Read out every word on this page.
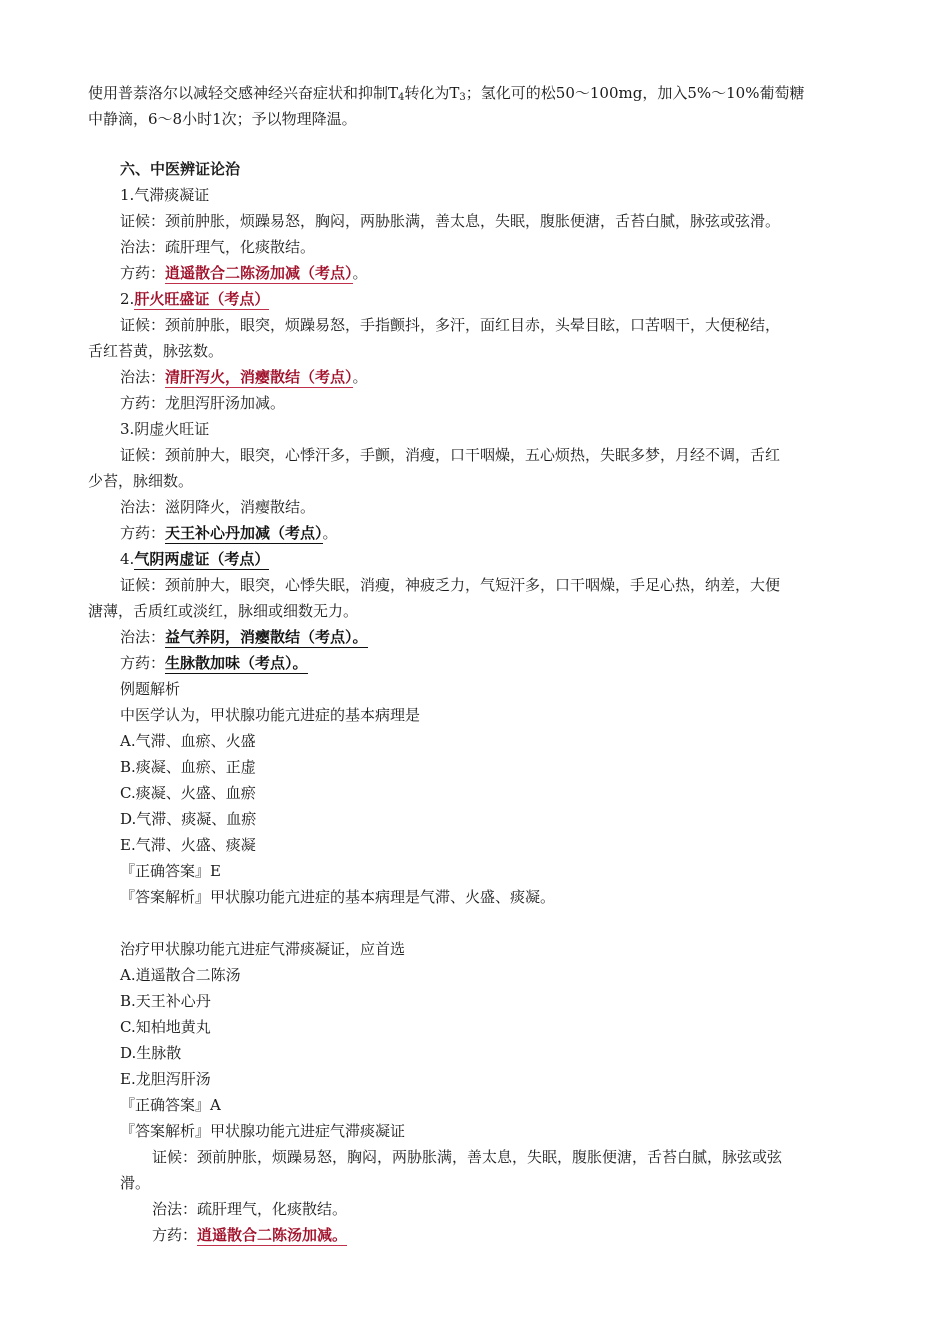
使用普萘洛尔以减轻交感神经兴奋症状和抑制$T_4$转化为$T_3$；氢化可的松50～100mg，加入5%～10%葡萄糖
中静滴，6～8小时1次；予以物理降温。
六、中医辨证论治
1.气滞痰凝证
证候：颈前肿胀，烦躁易怒，胸闷，两胁胀满，善太息，失眠，腹胀便溏，舌苔白腻，脉弦或弦滑。
治法：疏肝理气，化痰散结。
方药：逍遥散合二陈汤加减（考点）。
2.肝火旺盛证（考点）
证候：颈前肿胀，眼突，烦躁易怒，手指颤抖，多汗，面红目赤，头晕目眩，口苦咽干，大便秘结，
舌红苔黄，脉弦数。
治法：清肝泻火，消瘿散结（考点）。
方药：龙胆泻肝汤加减。
3.阴虚火旺证
证候：颈前肿大，眼突，心悸汗多，手颤，消瘦，口干咽燥，五心烦热，失眠多梦，月经不调，舌红
少苔，脉细数。
治法：滋阴降火，消瘿散结。
方药：天王补心丹加减（考点）。
4.气阴两虚证（考点）
证候：颈前肿大，眼突，心悸失眠，消瘦，神疲乏力，气短汗多，口干咽燥，手足心热，纳差，大便
溏薄，舌质红或淡红，脉细或细数无力。
治法：益气养阴，消瘿散结（考点）。
方药：生脉散加味（考点）。
例题解析
中医学认为，甲状腺功能亢进症的基本病理是
A.气滞、血瘀、火盛
B.痰凝、血瘀、正虚
C.痰凝、火盛、血瘀
D.气滞、痰凝、血瘀
E.气滞、火盛、痰凝
『正确答案』E
『答案解析』甲状腺功能亢进症的基本病理是气滞、火盛、痰凝。
治疗甲状腺功能亢进症气滞痰凝证，应首选
A.逍遥散合二陈汤
B.天王补心丹
C.知柏地黄丸
D.生脉散
E.龙胆泻肝汤
『正确答案』A
『答案解析』甲状腺功能亢进症气滞痰凝证
证候：颈前肿胀，烦躁易怒，胸闷，两胁胀满，善太息，失眠，腹胀便溏，舌苔白腻，脉弦或弦
滑。
治法：疏肝理气，化痰散结。
方药：逍遥散合二陈汤加减。
